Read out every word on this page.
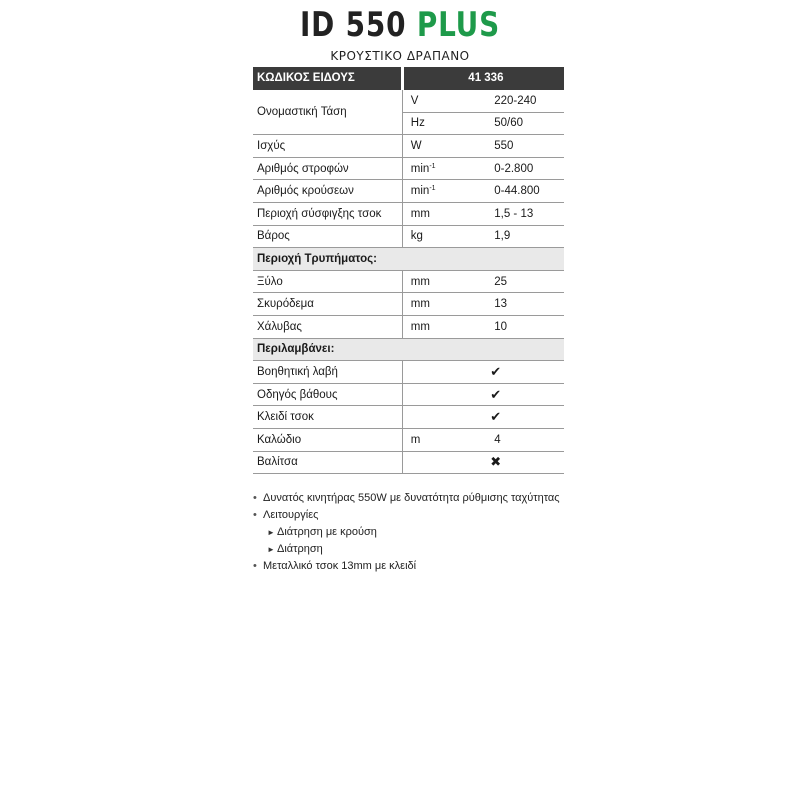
ID 550 PLUS
ΚΡΟΥΣΤΙΚΟ ΔΡΑΠΑΝΟ
ΚΩΔΙΚΟΣ ΕΙΔΟΥΣ	41 336	
Ονομαστική Τάση	V	220-240
	Hz	50/60
Ισχύς	W	550
Αριθμός στροφών	$\min^{-1}$	0-2.800
Αριθμός κρούσεων	$\min^{-1}$	0-44.800
Περιοχή σύσφιγξης τσοκ	mm	1,5 - 13
Βάρος	kg	1,9
Περιοχή Τρυπήματος:		
Ξύλο	mm	25
Σκυρόδεμα	mm	13
Χάλυβας	mm	10
Περιλαμβάνει:		
Βοηθητική λαβή		✔
Οδηγός βάθους		✔
Κλειδί τσοκ		✔
Καλώδιο	m	4
Βαλίτσα		✖
• Δυνατός κινητήρας 550W με δυνατότητα ρύθμισης ταχύτητας
• Λειτουργίες
► Διάτρηση με κρούση
► Διάτρηση
• Μεταλλικό τσοκ 13mm με κλειδί
